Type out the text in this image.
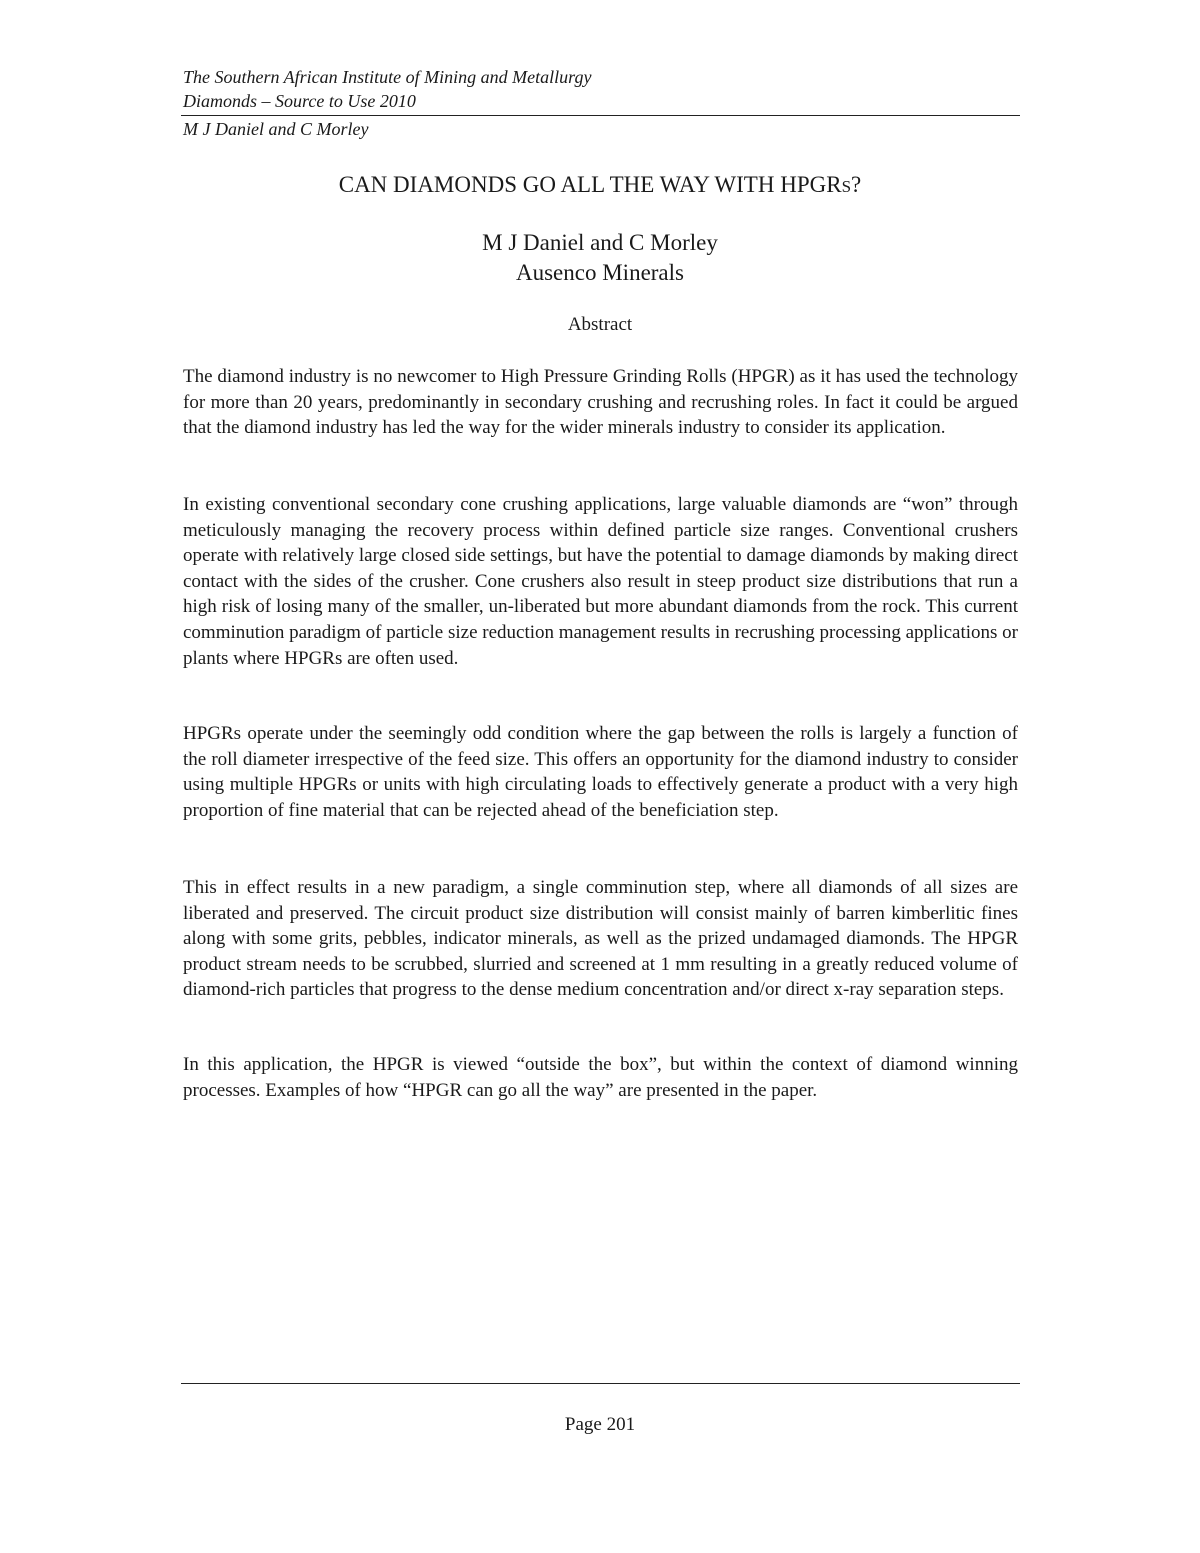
The Southern African Institute of Mining and Metallurgy
Diamonds – Source to Use 2010
M J Daniel and C Morley
CAN DIAMONDS GO ALL THE WAY WITH HPGRS?
M J Daniel and C Morley
Ausenco Minerals
Abstract

The diamond industry is no newcomer to High Pressure Grinding Rolls (HPGR) as it has used the technology for more than 20 years, predominantly in secondary crushing and recrushing roles. In fact it could be argued that the diamond industry has led the way for the wider minerals industry to consider its application.

In existing conventional secondary cone crushing applications, large valuable diamonds are “won” through meticulously managing the recovery process within defined particle size ranges. Conventional crushers operate with relatively large closed side settings, but have the potential to damage diamonds by making direct contact with the sides of the crusher. Cone crushers also result in steep product size distributions that run a high risk of losing many of the smaller, un-liberated but more abundant diamonds from the rock. This current comminution paradigm of particle size reduction management results in recrushing processing applications or plants where HPGRs are often used.

HPGRs operate under the seemingly odd condition where the gap between the rolls is largely a function of the roll diameter irrespective of the feed size. This offers an opportunity for the diamond industry to consider using multiple HPGRs or units with high circulating loads to effectively generate a product with a very high proportion of fine material that can be rejected ahead of the beneficiation step.

This in effect results in a new paradigm, a single comminution step, where all diamonds of all sizes are liberated and preserved. The circuit product size distribution will consist mainly of barren kimberlitic fines along with some grits, pebbles, indicator minerals, as well as the prized undamaged diamonds. The HPGR product stream needs to be scrubbed, slurried and screened at 1 mm resulting in a greatly reduced volume of diamond-rich particles that progress to the dense medium concentration and/or direct x-ray separation steps.

In this application, the HPGR is viewed “outside the box”, but within the context of diamond winning processes. Examples of how “HPGR can go all the way” are presented in the paper.

Page 201
